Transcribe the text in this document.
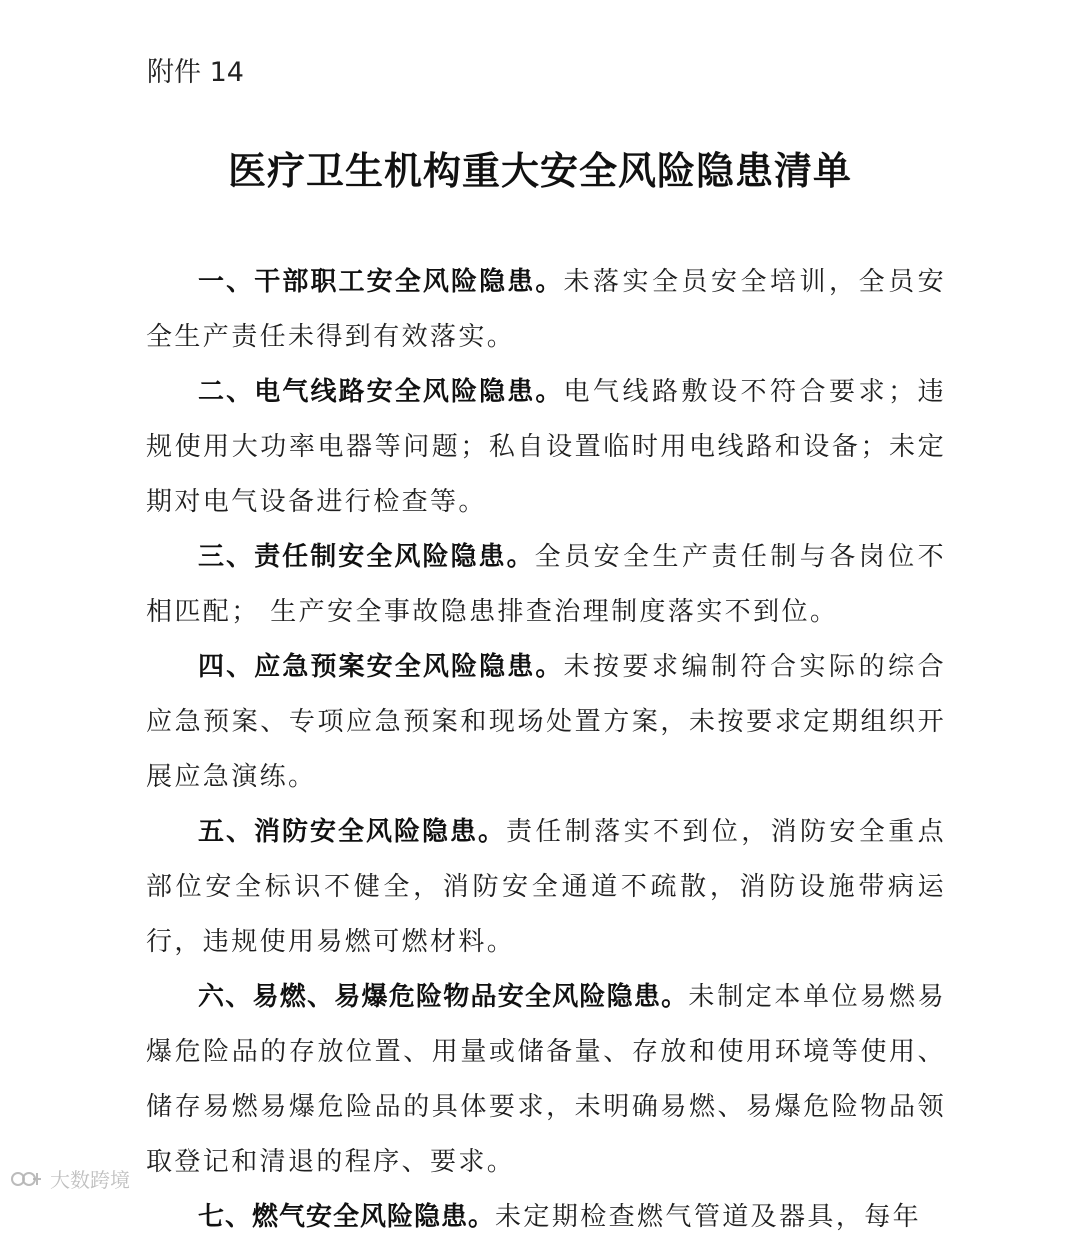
附件 14
医疗卫生机构重大安全风险隐患清单

一、干部职工安全风险隐患。未落实全员安全培训，全员安全生产责任未得到有效落实。

二、电气线路安全风险隐患。电气线路敷设不符合要求；违规使用大功率电器等问题；私自设置临时用电线路和设备；未定期对电气设备进行检查等。

三、责任制安全风险隐患。全员安全生产责任制与各岗位不相匹配； 生产安全事故隐患排查治理制度落实不到位。

四、应急预案安全风险隐患。未按要求编制符合实际的综合应急预案、专项应急预案和现场处置方案，未按要求定期组织开展应急演练。

五、消防安全风险隐患。责任制落实不到位，消防安全重点部位安全标识不健全，消防安全通道不疏散，消防设施带病运行，违规使用易燃可燃材料。

六、易燃、易爆危险物品安全风险隐患。未制定本单位易燃易爆危险品的存放位置、用量或储备量、存放和使用环境等使用、储存易燃易爆危险品的具体要求，未明确易燃、易爆危险物品领取登记和清退的程序、要求。

七、燃气安全风险隐患。未定期检查燃气管道及器具，每年

大数跨境
